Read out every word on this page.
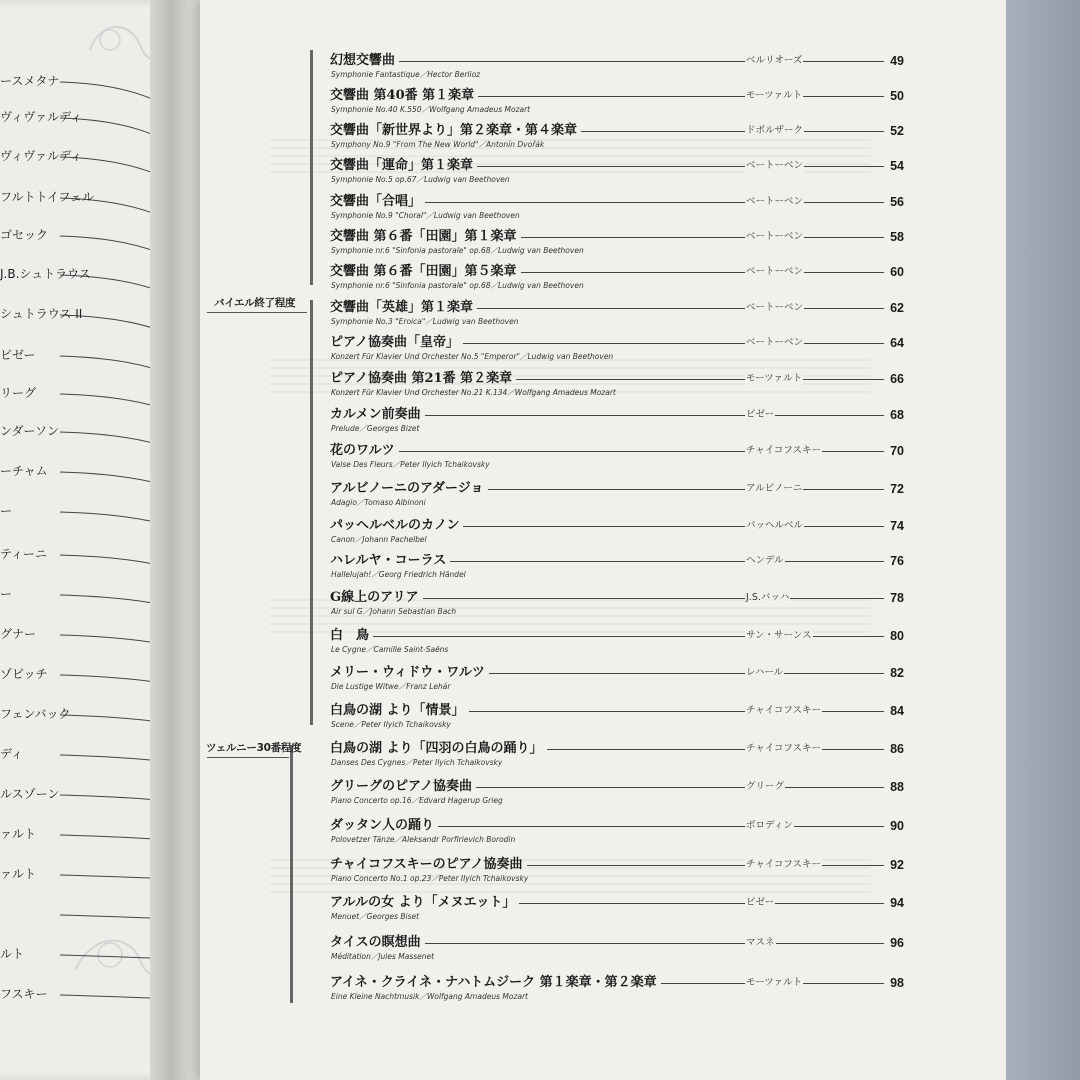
ースメタナ
ヴィヴァルディ
ヴィヴァルディ
フルトトイフェル
ゴセック
J.B.シュトラウス
シュトラウス II
ビゼー
リーグ
ンダーソン
ーチャム
ー
ティーニ
ー
グナー
ゾビッチ
フェンバック
ディ
ルスゾーン
ァルト
ァルト
ルト
フスキー
バイエル終了程度
ツェルニー30番程度
幻想交響曲
Symphonie Fantastique／Hector Berlioz
ベルリオーズ	49
交響曲 第40番 第１楽章
Symphonie No.40 K.550／Wolfgang Amadeus Mozart
モーツァルト	50
交響曲「新世界より」第２楽章・第４楽章
Symphony No.9 "From The New World"／Antonín Dvořák
ドボルザーク	52
交響曲「運命」第１楽章
Symphonie No.5 op.67／Ludwig van Beethoven
ベートーベン	54
交響曲「合唱」
Symphonie No.9 "Choral"／Ludwig van Beethoven
ベートーベン	56
交響曲 第６番「田園」第１楽章
Symphonie nr.6 "Sinfonia pastorale" op.68／Ludwig van Beethoven
ベートーベン	58
交響曲 第６番「田園」第５楽章
Symphonie nr.6 "Sinfonia pastorale" op.68／Ludwig van Beethoven
ベートーベン	60
交響曲「英雄」第１楽章
Symphonie No.3 "Eroica"／Ludwig van Beethoven
ベートーベン	62
ピアノ協奏曲「皇帝」
Konzert Für Klavier Und Orchester No.5 "Emperor"／Ludwig van Beethoven
ベートーベン	64
ピアノ協奏曲 第21番 第２楽章
Konzert Für Klavier Und Orchester No.21 K.134／Wolfgang Amadeus Mozart
モーツァルト	66
カルメン前奏曲
Prelude／Georges Bizet
ビゼー	68
花のワルツ
Valse Des Fleurs／Peter Ilyich Tchaikovsky
チャイコフスキー	70
アルビノーニのアダージョ
Adagio／Tomaso Albinoni
アルビノーニ	72
パッヘルベルのカノン
Canon／Johann Pachelbel
パッヘルベル	74
ハレルヤ・コーラス
Hallelujah!／Georg Friedrich Händel
ヘンデル	76
G線上のアリア
Air sul G／Johann Sebastian Bach
J.S.バッハ	78
白　鳥
Le Cygne／Camille Saint-Saëns
サン・サーンス	80
メリー・ウィドウ・ワルツ
Die Lustige Witwe／Franz Lehár
レハール	82
白鳥の湖 より「情景」
Scene／Peter Ilyich Tchaikovsky
チャイコフスキー	84
白鳥の湖 より「四羽の白鳥の踊り」
Danses Des Cygnes／Peter Ilyich Tchaikovsky
チャイコフスキー	86
グリーグのピアノ協奏曲
Piano Concerto op.16／Edvard Hagerup Grieg
グリーグ	88
ダッタン人の踊り
Polovetzer Tänze／Aleksandr Porfirievich Borodin
ボロディン	90
チャイコフスキーのピアノ協奏曲
Piano Concerto No.1 op.23／Peter Ilyich Tchaikovsky
チャイコフスキー	92
アルルの女 より「メヌエット」
Menuet／Georges Biset
ビゼー	94
タイスの瞑想曲
Méditation／Jules Massenet
マスネ	96
アイネ・クライネ・ナハトムジーク 第１楽章・第２楽章
Eine Kleine Nachtmusik／Wolfgang Amadeus Mozart
モーツァルト	98
